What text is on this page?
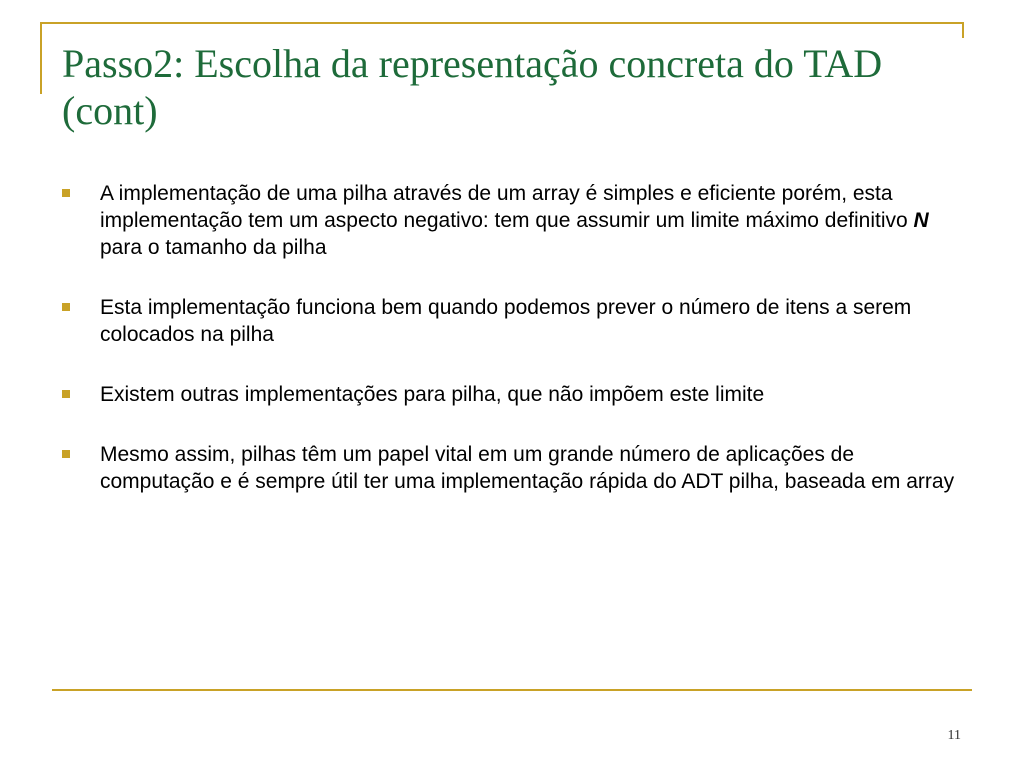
Passo2: Escolha da representação concreta do TAD (cont)
A implementação de uma pilha através de um array é simples e eficiente porém, esta implementação tem um aspecto negativo: tem que assumir um limite máximo definitivo N para o tamanho da pilha
Esta implementação funciona bem quando podemos prever o número de itens a serem colocados na pilha
Existem outras implementações para pilha, que não impõem este limite
Mesmo assim, pilhas têm um papel vital em um grande número de aplicações de computação e é sempre útil ter uma implementação rápida do ADT pilha, baseada em array
11
